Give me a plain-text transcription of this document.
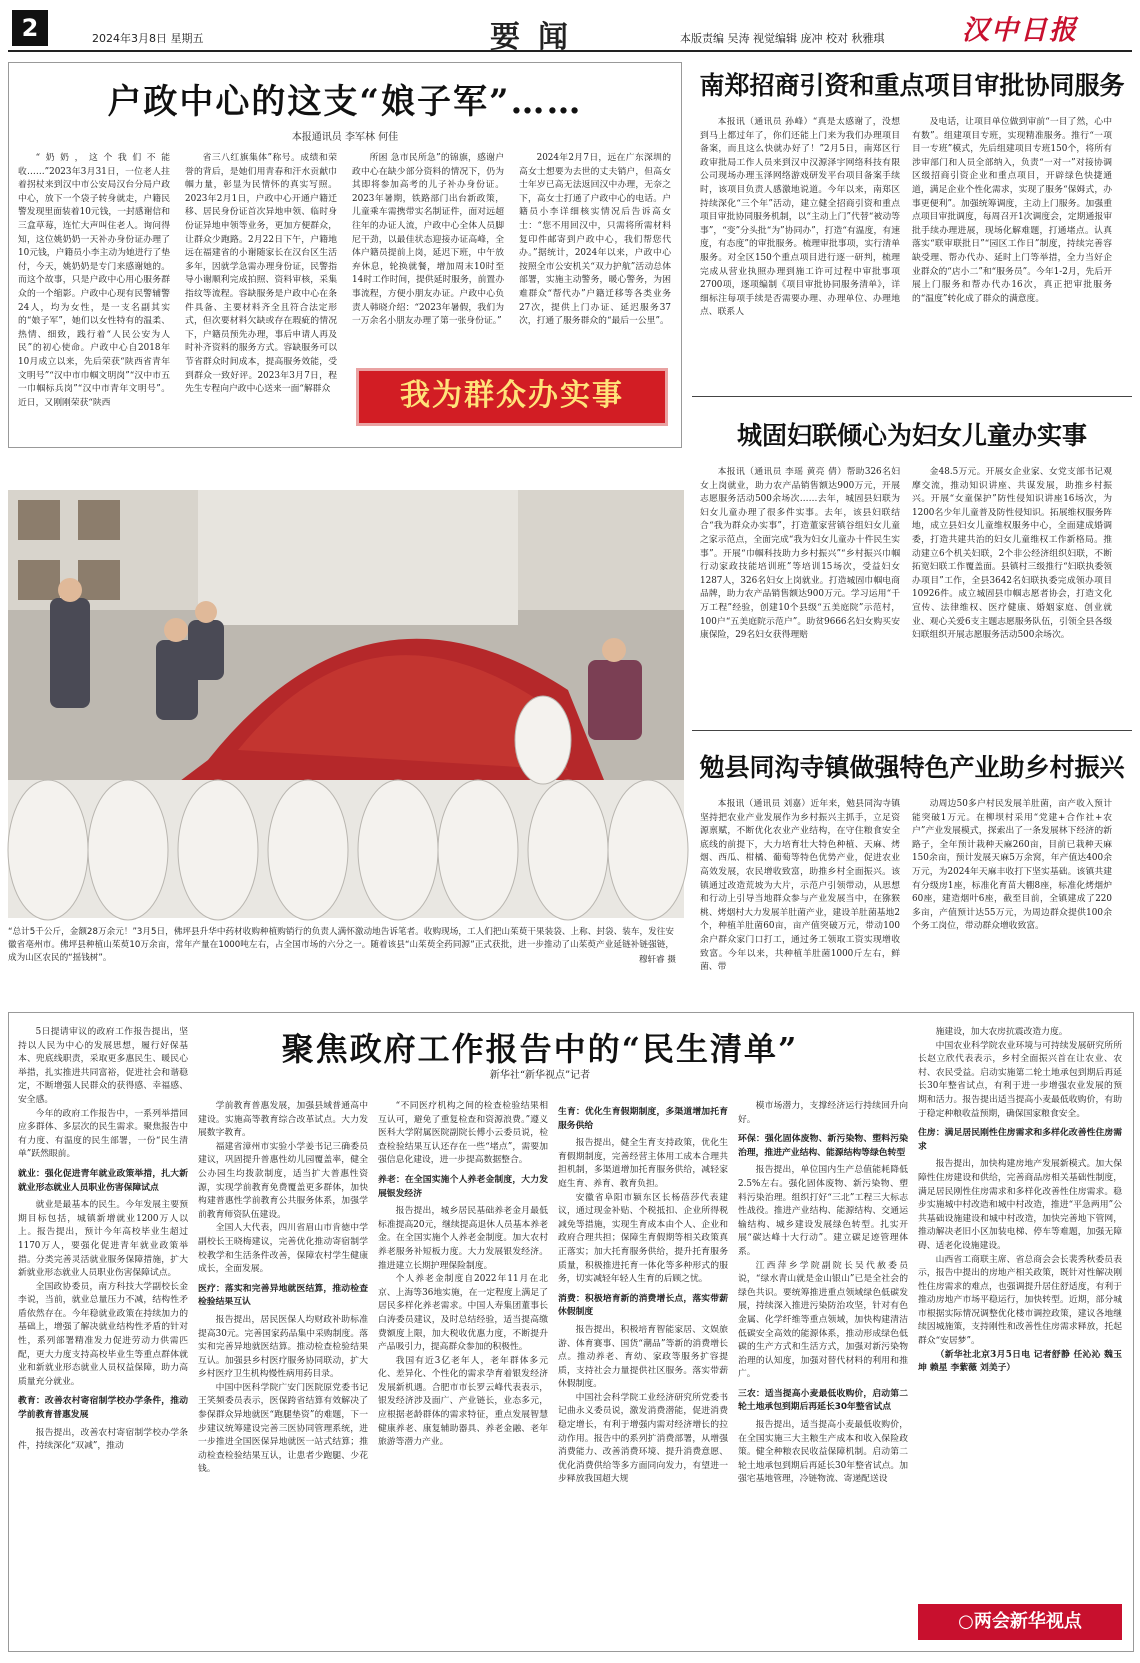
2	2024年3月8日 星期五	要闻	本版责编 吴涛 视觉编辑 庞冲 校对 秋雅琪	汉中日报
户政中心的这支“娘子军”……
本报通讯员 李军林 何佳

“奶奶，这个我们不能收……”2023年3月31日，一位老人拄着拐杖来到汉中市公安局汉台分局户政中心，放下一个袋子转身就走，户籍民警发现里面装着10元钱，一封感谢信和三盒草莓，连忙大声叫住老人。询问得知，这位姚奶奶一天补办身份证办理了10元钱，户籍员小李主动为她进行了垫付，今天，姚奶奶是专门来感谢她的。而这个故事，只是户政中心用心服务群众的一个缩影。户政中心现有民警辅警24人，均为女性，是一支名副其实的“娘子军”，她们以女性特有的温柔、热情、细致，践行着“人民公安为人民”的初心使命。户政中心自2018年10月成立以来，先后荣获“陕西省青年文明号”“汉中市巾帼文明岗”“汉中市五一巾帼标兵岗”“汉中市青年文明号”。近日，又刚刚荣获“陕西

省三八红旗集体”称号。成绩和荣誉的背后，是她们用青春和汗水贡献巾帼力量，彰显为民情怀的真实写照。2023年2月1日，户政中心开通户籍迁移、居民身份证首次异地申领、临时身份证异地申领等业务，更加方便群众，让群众少跑路。2月22日下午，户籍地远在福建省的小谢随家长在汉台区生活多年，因就学急需办理身份证，民警指导小谢顺利完成拍照、资料审核，采集指纹等流程。容缺服务是户政中心在条件具备、主要材料齐全且符合法定形式，但次要材料欠缺或存在瑕疵的情况下，户籍员预先办理，事后申请人再及时补齐资料的服务方式。容缺服务可以节省群众时间成本，提高服务效能，受到群众一致好评。2023年3月7日，程先生专程向户政中心送来一面“解群众

所困 急市民所急”的锦旗，感谢户政中心在缺少部分资料的情况下，仍为其即将参加高考的儿子补办身份证。2023年暑期，铁路部门出台新政策，儿童乘车需携带实名制证件，面对远超往年的办证人流，户政中心全体人员脚尼干劲，以最佳状态迎接办证高峰，全体户籍员提前上岗，延迟下班，中午放弃休息，轮换就餐，增加周末10时至14时工作时间，提供延时服务，前置办事流程，方便小朋友办证。户政中心负责人韩晓介绍：“2023年暑假，我们为一万余名小朋友办理了第一张身份证。”

2024年2月7日，远在广东深圳的高女士想要为去世的丈夫销户，但高女士年岁已高无法返回汉中办理，无奈之下，高女士打通了户政中心的电话。户籍员小李详细核实情况后告诉高女士：“您不用回汉中，只需将所需材料复印件邮寄到户政中心，我们帮您代办。”据统计，2024年以来，户政中心按照全市公安机关“双力护航”活动总体部署，实施主动警务，暖心警务，为困难群众“帮代办”户籍迁移等各类业务27次，提供上门办证、延迟服务37次，打通了服务群众的“最后一公里”。

我为群众办实事
南郑招商引资和重点项目审批协同服务

本报讯（通讯员 孙峰）“真是太感谢了，没想到马上都过年了，你们还能上门来为我们办理项目备案，而且这么快就办好了！”2月5日，南郑区行政审批局工作人员来到汉中汉源泽宇网络科技有限公司现场办理玉泽网络游戏研发平台项目备案手续时，该项目负责人感激地说道。今年以来，南郑区持续深化“三个年”活动，建立健全招商引资和重点项目审批协同服务机制，以“主动上门”代替“被动等事”，“变”分头批“为”协同办”，打造“有温度，有速度，有态度”的审批服务。梳理审批事项，实行清单服务。对全区150个重点项目进行逐一研判，梳理完成从营业执照办理到施工许可过程中审批事项2700项，逐项编制《项目审批协同服务清单》，详细标注每项手续是否需要办理、办理单位、办理地点、联系人

及电话，让项目单位做到审前“一目了然，心中有数”。组建项目专班，实现精准服务。推行“一项目一专班”模式，先后组建项目专班150个，将所有涉审部门和人员全部纳入，负责“一对一”对接协调区级招商引资企业和重点项目，开辟绿色快捷通道，满足企业个性化需求，实现了服务“保姆式，办事更便利”。加强统筹调度，主动上门服务。加强重点项目审批调度，每周召开1次调度会，定期通报审批手续办理进展，现场化解难题，打通堵点。认真落实“联审联批日”“园区工作日”制度，持续完善容缺受理、帮办代办、延时上门等举措，全力当好企业群众的“店小二”和“服务员”。今年1-2月，先后开展上门服务和帮办代办16次，真正把审批服务的“温度”转化成了群众的满意度。

城固妇联倾心为妇女儿童办实事

本报讯（通讯员 李瑶 黄亮 倩）帮助326名妇女上岗就业，助力农产品销售额达900万元，开展志愿服务活动500余场次……去年，城固县妇联为妇女儿童办理了很多件实事。去年，该县妇联结合“我为群众办实事”，打造董家营镇谷组妇女儿童之家示范点，全面完成“我为妇女儿童办十件民生实事”。开展“巾帼科技助力乡村振兴”“乡村振兴巾帼行动家政技能培训班”等培训15场次，受益妇女1287人，326名妇女上岗就业。打造城固巾帼电商品牌，助力农产品销售额达900万元。学习运用“千万工程”经验，创建10个县级“五美庭院”示范村，100户“五美庭院示范户”。助贫9666名妇女购买安康保险，29名妇女获得理赔

金48.5万元。开展女企业家、女党支部书记观摩交流，推动知识讲座、共谋发展，助推乡村振兴。开展“女童保护”防性侵知识讲座16场次，为1200名少年儿童普及防性侵知识。拓展维权服务阵地，成立县妇女儿童维权服务中心，全面建成婚调委，打造共建共治的妇女儿童维权工作新格局。推动建立6个机关妇联，2个非公经济组织妇联，不断拓宽妇联工作覆盖面。县镇村三级推行“妇联执委领办项目”工作，全县3642名妇联执委完成领办项目10926件。成立城固县巾帼志愿者协会，打造文化宣传、法律维权、医疗健康、婚姻家庭、创业就业、观心关爱6支主题志愿服务队伍，引领全县各级妇联组织开展志愿服务活动500余场次。

勉县同沟寺镇做强特色产业助乡村振兴

本报讯（通讯员 刘嘉）近年来，勉县同沟寺镇坚持把农业产业发展作为乡村振兴主抓手，立足资源禀赋，不断优化农业产业结构，在守住粮食安全底线的前提下，大力培育壮大特色种植、天麻、烤烟、西瓜、柑橘、葡萄等特色优势产业，促进农业高效发展，农民增收致富，助推乡村全面振兴。该镇通过改造荒坡为大片，示范户引领带动，从思想和行动上引导当地群众参与产业发展当中，在猕猴桃、烤烟村大力发展羊肚菌产业，建设羊肚菌基地2个，种植羊肚菌60亩，亩产值突破万元，带动100余户群众家门口打工，通过务工领取工资实现增收致富。今年以来，共种植羊肚菌1000斤左右，鲜菌、带

动周边50多户村民发展羊肚菌，亩产收入预计能突破1万元。在柳坝村采用“党建+合作社+农户”产业发展模式，探索出了一条发展林下经济的新路子，全年预计栽种天麻260亩，目前已栽种天麻150余亩，预计发展天麻5万余窝，年产值达400余万元，为2024年天麻丰收打下坚实基础。该镇共建有分级房1座，标准化育苗大棚8座，标准化烤烟炉60座，建造烟叶6座，截至目前，全镇建成了220多亩，产值预计达55万元，为周边群众提供100余个务工岗位，带动群众增收致富。

“总计5千公斤，金额28万余元！”3月5日，佛坪县升华中药材收购种植购销行的负责人满怀激动地告诉笔者。收购现场，工人们把山茱萸干果装袋、上称、封袋、装车，发往安徽省亳州市。佛坪县种植山茱萸10万余亩，常年产量在1000吨左右，占全国市场的六分之一。随着该县“山茱萸全药同源”正式获批，进一步推动了山茱萸产业延链补链强链，成为山区农民的“摇钱树”。	穆轩睿 摄
聚焦政府工作报告中的“民生清单”
新华社“新华视点”记者

5日提请审议的政府工作报告提出，坚持以人民为中心的发展思想，履行好保基本、兜底线职责，采取更多惠民生、暖民心举措，扎实推进共同富裕，促进社会和谐稳定，不断增强人民群众的获得感、幸福感、安全感。

今年的政府工作报告中，一系列举措回应多群体、多层次的民生需求。聚焦报告中有力度、有温度的民生部署，一份“民生清单”跃然眼前。

就业：强化促进青年就业政策举措，扎大新就业形态就业人员职业伤害保障试点

就业是最基本的民生。今年发展主要预期目标包括，城镇新增就业1200万人以上。报告提出，预计今年高校毕业生超过1170万人，要强化促进青年就业政策举措。分类完善灵活就业服务保障措施，扩大新就业形态就业人员职业伤害保障试点。

全国政协委员，南方科技大学副校长金李说，当前，就业总量压力不减，结构性矛盾依然存在。今年稳就业政策在持续加力的基础上，增强了解决就业结构性矛盾的针对性，系列部署精准发力促进劳动力供需匹配，更大力度支持高校毕业生等重点群体就业和新就业形态就业人员权益保障，助力高质量充分就业。

教育：改善农村寄宿制学校办学条件，推动学前教育普惠发展

报告提出，改善农村寄宿制学校办学条件，持续深化“双减”，推动

学前教育普惠发展，加强县域普通高中建设。实施高等教育综合改革试点。大力发展数字教育。

福建省漳州市实验小学姜书记三确委员建议，巩固提升普惠性幼儿园覆盖率，健全公办园生均拨款制度，适当扩大普惠性资源，实现学前教育免费覆盖更多群体，加快构建普惠性学前教育公共服务体系，加强学前教育师资队伍建设。

全国人大代表，四川省眉山市肯徳中学副校长王晓梅建议，完善优化推动寄宿制学校教学和生活条件改善，保障农村学生健康成长，全面发展。

医疗：落实和完善异地就医结算，推动检查检验结果互认

报告提出，居民医保人均财政补助标准提高30元。完善国家药品集中采购制度。落实和完善异地就医结算。推动检查检验结果互认。加强县乡村医疗服务协同联动，扩大乡村医疗卫生机构慢性病用药目录。

中国中医科学院广安门医院原党委书记王笑频委员表示，医保跨省结算有效解决了参保群众异地就医“跑腿垫资”的难题，下一步建议统筹建设完善三医协同管理系统，进一步推进全国医保异地就医一站式结算；推动检查检验结果互认，让患者少跑腿、少花钱。

“不同医疗机构之间的检查检验结果相互认可，避免了重复检查和资源浪费。”遵义医科大学附属医院副院长傅小云委员说，检查检验结果互认还存在一些“堵点”，需要加强信息化建设，进一步提高数据整合。

养老：在全国实施个人养老金制度，大力发展银发经济

报告提出，城乡居民基础养老金月最低标准提高20元，继续提高退休人员基本养老金。在全国实施个人养老金制度。加大农村养老服务补短板力度。大力发展银发经济。推进建立长期护理保险制度。

个人养老金制度自2022年11月在北京、上海等36地实施，在一定程度上满足了居民多样化养老需求。中国人寿集团董事长白涛委员建议，及时总结经验，适当提高缴费额度上限，加大税收优惠力度，不断提升产品吸引力，提高群众参加的积极性。

我国有近3亿老年人，老年群体多元化、差异化、个性化的需求孕育着银发经济发展新机遇。合肥市市长罗云峰代表表示，银发经济涉及面广、产业链长，业态多元，应根据老龄群体的需求特征，重点发展智慧健康养老、康复辅助器具、养老金融、老年旅游等潜力产业。

生育：优化生育假期制度，多渠道增加托育服务供给

报告提出，健全生育支持政策，优化生育假期制度，完善经营主体用工成本合理共担机制，多渠道增加托育服务供给，减轻家庭生育、养育、教育负担。

安徽省阜阳市颍东区长杨蓓莎代表建议，通过现金补贴、个税抵扣、企业所得税减免等措施，实现生育成本由个人、企业和政府合理共担；保障生育假期等相关政策真正落实；加大托育服务供给，提升托育服务质量，积极推进托育一体化等多种形式的服务，切实减轻年轻人生育的后顾之忧。

消费：积极培育新的消费增长点，落实带薪休假制度

报告提出，积极培育智能家居、文娱旅游、体育赛事、国货“潮品”等新的消费增长点。推动养老、育幼、家政等服务扩容提质，支持社会力量提供社区服务。落实带薪休假制度。

中国社会科学院工业经济研究所党委书记曲永义委员说，激发消费潜能，促进消费稳定增长，有利于增强内需对经济增长的拉动作用。报告中的系列扩消费部署，从增强消费能力、改善消费环境、提升消费意愿、优化消费供给等多方面同向发力，有望进一步释放我国超大规

模市场潜力，支撑经济运行持续回升向好。

环保：强化固体废物、新污染物、塑料污染治理，推进产业结构、能源结构等绿色转型

报告提出，单位国内生产总值能耗降低2.5%左右。强化固体废物、新污染物、塑料污染治理。组织打好“三北”工程三大标志性战役。推进产业结构、能源结构、交通运输结构、城乡建设发展绿色转型。扎实开展“碳达峰十大行动”。建立碳足迹管理体系。

江西萍乡学院副院长吴代赦委员说，“绿水青山就是金山银山”已是全社会的绿色共识。要统筹推进重点领域绿色低碳发展，持续深入推进污染防治攻坚，针对有色金属、化学纤维等重点领域，加快构建清洁低碳安全高效的能源体系，推动形成绿色低碳的生产方式和生活方式，加强对新污染物治理的认知度，加强对替代材料的利用和推广。

三农：适当提高小麦最低收购价，启动第二轮土地承包到期后再延长30年整省试点

报告提出，适当提高小麦最低收购价，在全国实施三大主粮生产成本和收入保险政策。健全种粮农民收益保障机制。启动第二轮土地承包到期后再延长30年整省试点。加强宅基地管理，冷链物流、寄递配送设

施建设，加大农房抗震改造力度。

中国农业科学院农业环境与可持续发展研究所所长赵立欣代表表示，乡村全面振兴首在让农业、农村、农民受益。启动实施第二轮土地承包到期后再延长30年整省试点，有利于进一步增强农业发展的预期和活力。报告提出适当提高小麦最低收购价，有助于稳定种粮收益预期，确保国家粮食安全。

住房：满足居民刚性住房需求和多样化改善性住房需求

报告提出，加快构建房地产发展新模式。加大保障性住房建设和供给，完善商品房相关基础性制度，满足居民刚性住房需求和多样化改善性住房需求。稳步实施城中村改造和城中村改造，推进“平急两用”公共基础设施建设和城中村改造，加快完善地下管网，推动解决老旧小区加装电梯、停车等难题，加强无障碍、适老化设施建设。

山西省工商联主席、省总商会会长裴秀秋委员表示，报告中提出的房地产相关政策，既针对性解决刚性住房需求的难点，也强调提升居住舒适度，有利于推动房地产市场平稳运行，加快转型。近期，部分城市根据实际情况调整优化楼市调控政策，建议各地继续因城施策，支持刚性和改善性住房需求释放，托起群众“安居梦”。

（新华社北京3月5日电 记者舒静 任沁沁 魏玉坤 赖星 李紫薇 刘美子）

○两会新华视点
